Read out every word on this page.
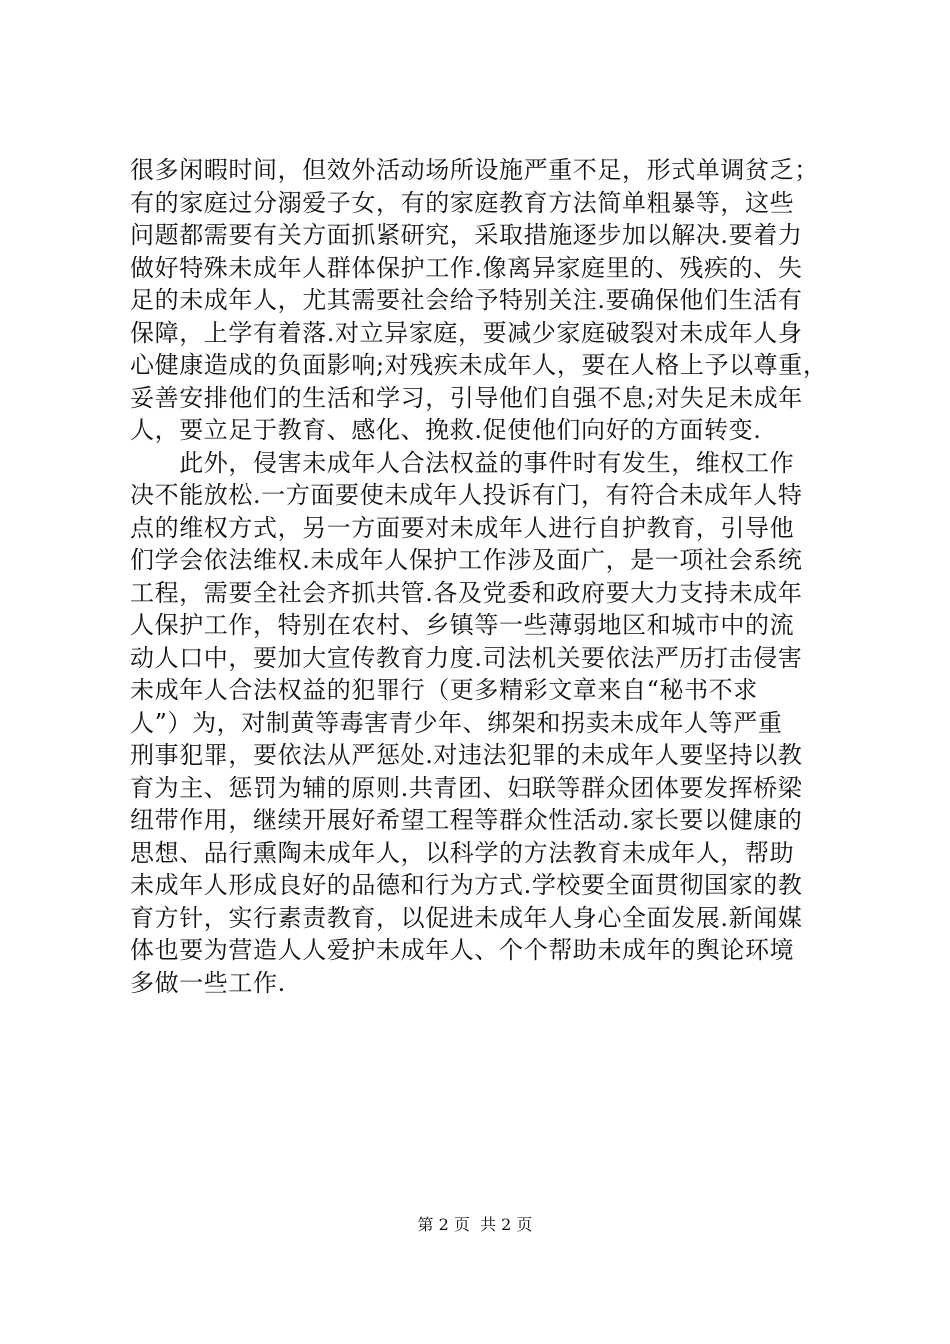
很多闲暇时间，但效外活动场所设施严重不足，形式单调贫乏；
有的家庭过分溺爱子女，有的家庭教育方法简单粗暴等，这些
问题都需要有关方面抓紧研究，采取措施逐步加以解决.要着力
做好特殊未成年人群体保护工作.像离异家庭里的、残疾的、失
足的未成年人，尤其需要社会给予特别关注.要确保他们生活有
保障，上学有着落.对立异家庭，要减少家庭破裂对未成年人身
心健康造成的负面影响;对残疾未成年人，要在人格上予以尊重，
妥善安排他们的生活和学习，引导他们自强不息;对失足未成年
人，要立足于教育、感化、挽救.促使他们向好的方面转变.
　　此外，侵害未成年人合法权益的事件时有发生，维权工作
决不能放松.一方面要使未成年人投诉有门，有符合未成年人特
点的维权方式，另一方面要对未成年人进行自护教育，引导他
们学会依法维权.未成年人保护工作涉及面广，是一项社会系统
工程，需要全社会齐抓共管.各及党委和政府要大力支持未成年
人保护工作，特别在农村、乡镇等一些薄弱地区和城市中的流
动人口中，要加大宣传教育力度.司法机关要依法严历打击侵害
未成年人合法权益的犯罪行（更多精彩文章来自“秘书不求
人”）为，对制黄等毒害青少年、绑架和拐卖未成年人等严重
刑事犯罪，要依法从严惩处.对违法犯罪的未成年人要坚持以教
育为主、惩罚为辅的原则.共青团、妇联等群众团体要发挥桥梁
纽带作用，继续开展好希望工程等群众性活动.家长要以健康的
思想、品行熏陶未成年人，以科学的方法教育未成年人，帮助
未成年人形成良好的品德和行为方式.学校要全面贯彻国家的教
育方针，实行素责教育，以促进未成年人身心全面发展.新闻媒
体也要为营造人人爱护未成年人、个个帮助未成年的舆论环境
多做一些工作.
第 2 页  共 2 页
